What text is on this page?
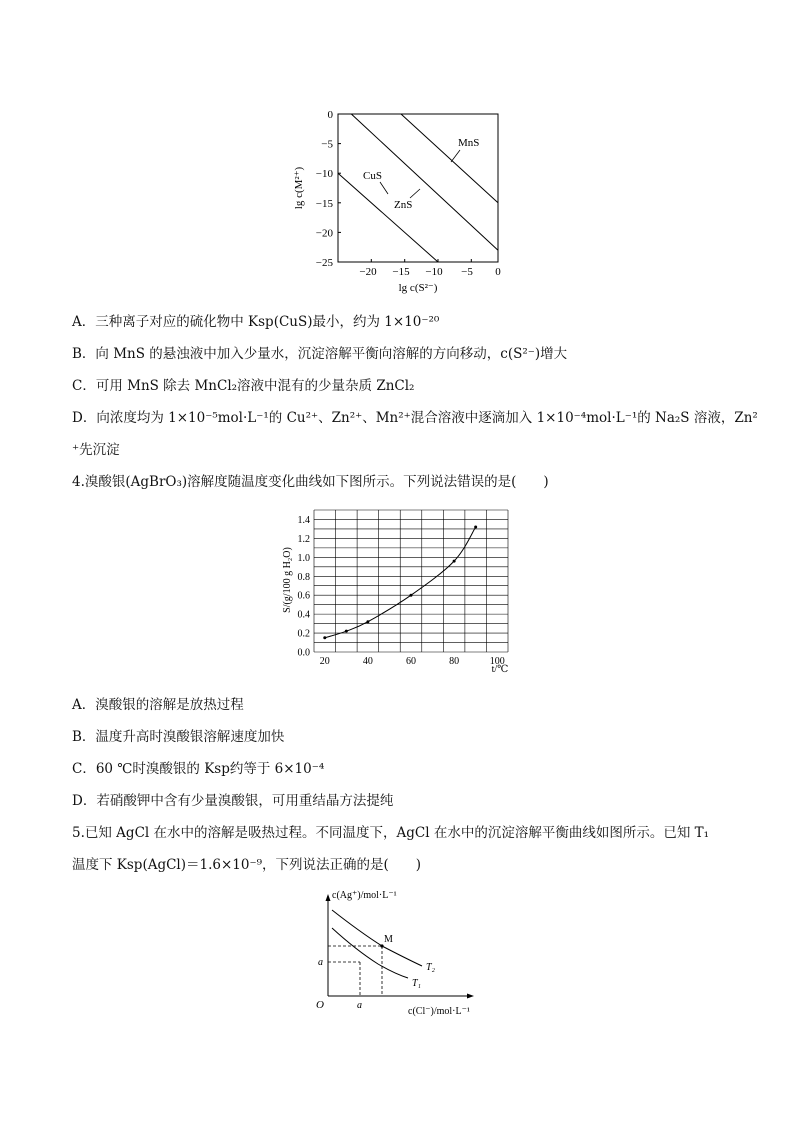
0
−5
−10
−15
−20
−25
−20 −15 −10 −5 0
lg c(S²⁻)
lg c(M²⁺)
MnS
CuS
ZnS
A．三种离子对应的硫化物中 Ksp(CuS)最小，约为 1×10⁻²⁰
B．向 MnS 的悬浊液中加入少量水，沉淀溶解平衡向溶解的方向移动，c(S²⁻)增大
C．可用 MnS 除去 MnCl₂溶液中混有的少量杂质 ZnCl₂
D．向浓度均为 1×10⁻⁵mol·L⁻¹的 Cu²⁺、Zn²⁺、Mn²⁺混合溶液中逐滴加入 1×10⁻⁴mol·L⁻¹的 Na₂S 溶液，Zn²
⁺先沉淀
4.溴酸银(AgBrO₃)溶解度随温度变化曲线如下图所示。下列说法错误的是(　　)
0.0
0.2
0.4
0.6
0.8
1.0
1.2
1.4
20	40	60	80	100
S/(g/100 g H₂O)
t/℃
A．溴酸银的溶解是放热过程
B．温度升高时溴酸银溶解速度加快
C．60 ℃时溴酸银的 Ksp约等于 6×10⁻⁴
D．若硝酸钾中含有少量溴酸银，可用重结晶方法提纯
5.已知 AgCl 在水中的溶解是吸热过程。不同温度下，AgCl 在水中的沉淀溶解平衡曲线如图所示。已知 T₁
温度下 Ksp(AgCl)＝1.6×10⁻⁹，下列说法正确的是(　　)
c(Ag⁺)/mol·L⁻¹
c(Cl⁻)/mol·L⁻¹
O
M
a
a
T₂
T₁
